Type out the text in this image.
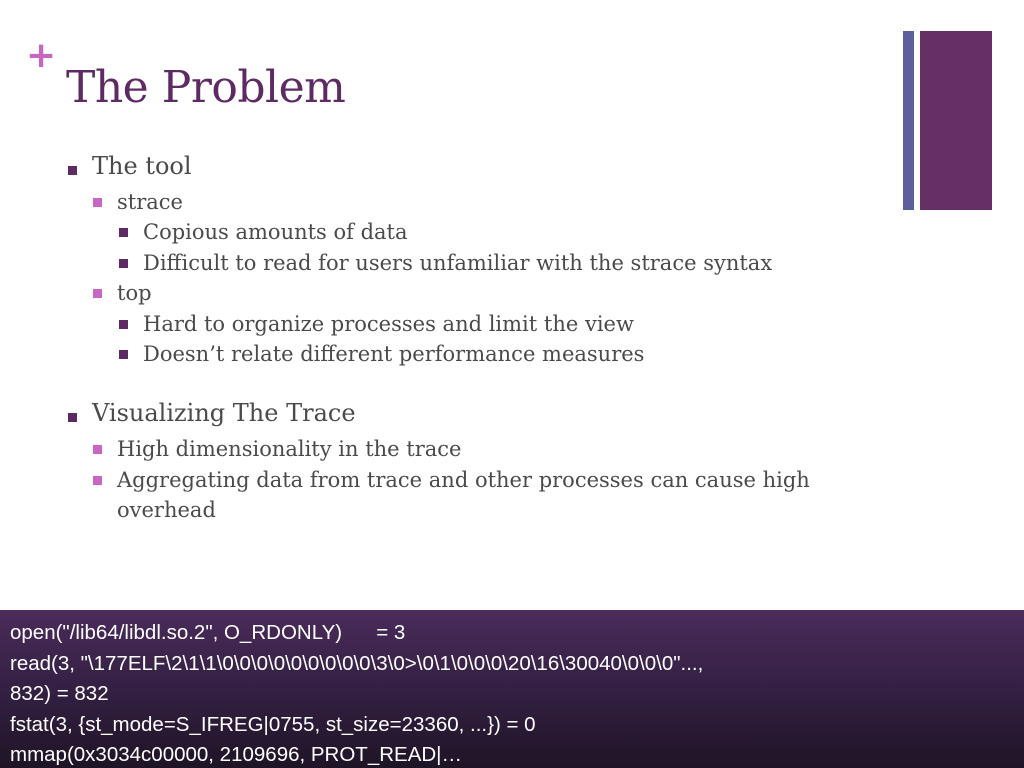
+
The Problem
The tool
strace
Copious amounts of data
Difficult to read for users unfamiliar with the strace syntax
top
Hard to organize processes and limit the view
Doesn’t relate different performance measures
Visualizing The Trace
High dimensionality in the trace
Aggregating data from trace and other processes can cause high overhead
open("/lib64/libdl.so.2", O_RDONLY)      = 3
read(3, "\177ELF\2\1\1\0\0\0\0\0\0\0\0\0\3\0>\0\1\0\0\0\20\16\30040\0\0\0"...,
832) = 832
fstat(3, {st_mode=S_IFREG|0755, st_size=23360, ...}) = 0
mmap(0x3034c00000, 2109696, PROT_READ|…
